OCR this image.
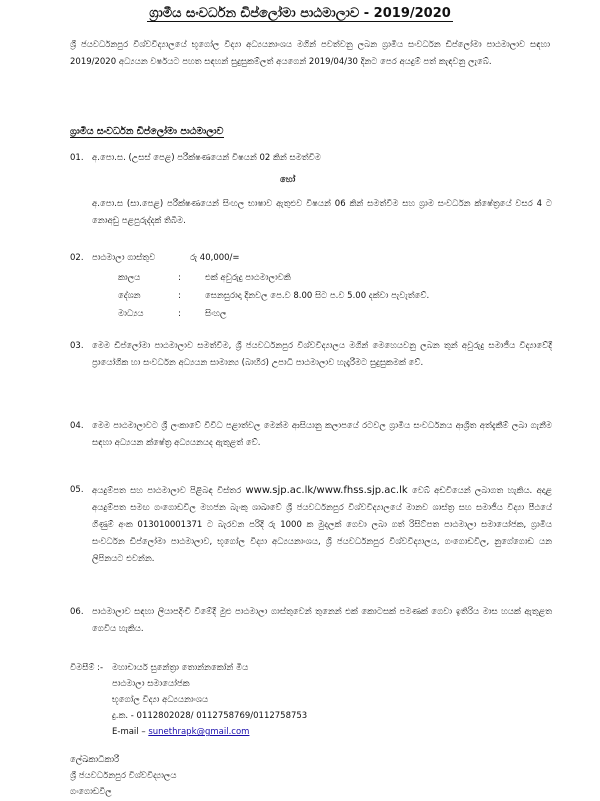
ග්‍රාමීය සංවර්ධන ඩිප්ලෝමා පාඨමාලාව - 2019/2020
ශ්‍රී ජයවර්ධනපුර විශ්වවිද්‍යාලයේ භූගෝල විද්‍යා අධ්‍යයනාංශය මගින් පවත්වනු ලබන ග්‍රාමීය සංවර්ධන ඩිප්ලෝමා පාඨමාලාව සඳහා 2019/2020 අධ්‍යයන වර්ෂයට පහත සඳහන් සුදුසුකම්ලත් අයගෙන් 2019/04/30 දිනට පෙර අයදුම් පත් කැඳවනු ලැබේ.
ග්‍රාමීය සංවර්ධන ඩිප්ලෝමා පාඨමාලාව
01. අ.පො.ස. (උසස් පෙළ) පරීක්ෂණයෙන් විෂයන් 02 කින් සමත්වීම
හෝ
අ.පො.ස (සා.පෙළ) පරීක්ෂණයෙන් සිංහල භාෂාව ඇතුළුව විෂයන් 06 කින් සමත්වීම සහ ග්‍රාම සංවර්ධන ක්ෂේත්‍රයේ වසර 4 ට නොඅඩු පළපුරුද්දක් තිබීම.
02. පාඨමාලා ගාස්තුව	රු 40,000/=
කාලය	:	එක් අවුරුදු පාඨමාලාවකි
දේශන	:	සෙනසුරාදා දිනවල පෙ.ව 8.00 සිට ප.ව 5.00 දක්වා පැවැත්වේ.
මාධ්‍යය	:	සිංහල
03. මෙම ඩිප්ලෝමා පාඨමාලාව සමත්වීම, ශ්‍රී ජයවර්ධනපුර විශ්වවිද්‍යාලය මගින් මෙහෙයවනු ලබන තුන් අවුරුදු සමාජීය විද්‍යාවේදී ප්‍රායෝගික හා සංවර්ධන අධ්‍යයන සාමාන්‍ය (බාහිර) උපාධි පාඨමාලාව හැදෑරීමට සුදුසුකමක් වේ.
04. මෙම පාඨමාලාවට ශ්‍රී ලංකාවේ විවිධ පළාත්වල මෙන්ම ආසියානු කලාපයේ රටවල ග්‍රාමීය සංවර්ධනය ආශ්‍රිත අත්දැකීම් ලබා ගැනීම සඳහා අධ්‍යයන ක්ෂේත්‍ර අධ්‍යයනයද ඇතුළත් වේ.
05. අයදුම්පත සහ පාඨමාලාව පිළිබඳ විස්තර www.sjp.ac.lk/www.fhss.sjp.ac.lk වෙබ් අඩවියෙන් ලබාගත හැකිය. අදාළ අයදුම්පත සමඟ ගංගොඩවිල මහජන බැංකු ශාඛාවේ ශ්‍රී ජයවර්ධනපුර විශ්වවිද්‍යාලයේ මානව ශාස්ත්‍ර සහ සමාජීය විද්‍යා පීඨයේ ගිණුම් අංක 013010001371 ට බැරවන පරිදි රු 1000 ක මුදලක් ගෙවා ලබා ගත් රිසිට්පත පාඨමාලා සමායෝජක, ග්‍රාමීය සංවර්ධන ඩිප්ලෝමා පාඨමාලාව, භූගෝල විද්‍යා අධ්‍යයනාංශය, ශ්‍රී ජයවර්ධනපුර විශ්වවිද්‍යාලය, ගංගොඩවිල, නුගේගොඩ යන ලිපිනයට එවන්න.
06. පාඨමාලාව සඳහා ලියාපදිංචි වීමේදී මුළු පාඨමාලා ගාස්තුවෙන් තුනෙන් එක් කොටසක් පමණක් ගෙවා ඉතිරිය මාස හයක් ඇතුළත ගෙවිය හැකිය.
විමසීම් :- මහාචාර්ය සුනේත්‍රා තොන්නකෝන් මිය
පාඨමාලා සමායෝජක
භූගෝල විද්‍යා අධ්‍යයනාංශය
දු.ක. - 0112802028/ 0112758769/0112758753
E-mail – sunethrapk@gmail.com
ලේඛකාධිකාරී
ශ්‍රී ජයවර්ධනපුර විශ්වවිද්‍යාලය
ගංගොඩවිල
